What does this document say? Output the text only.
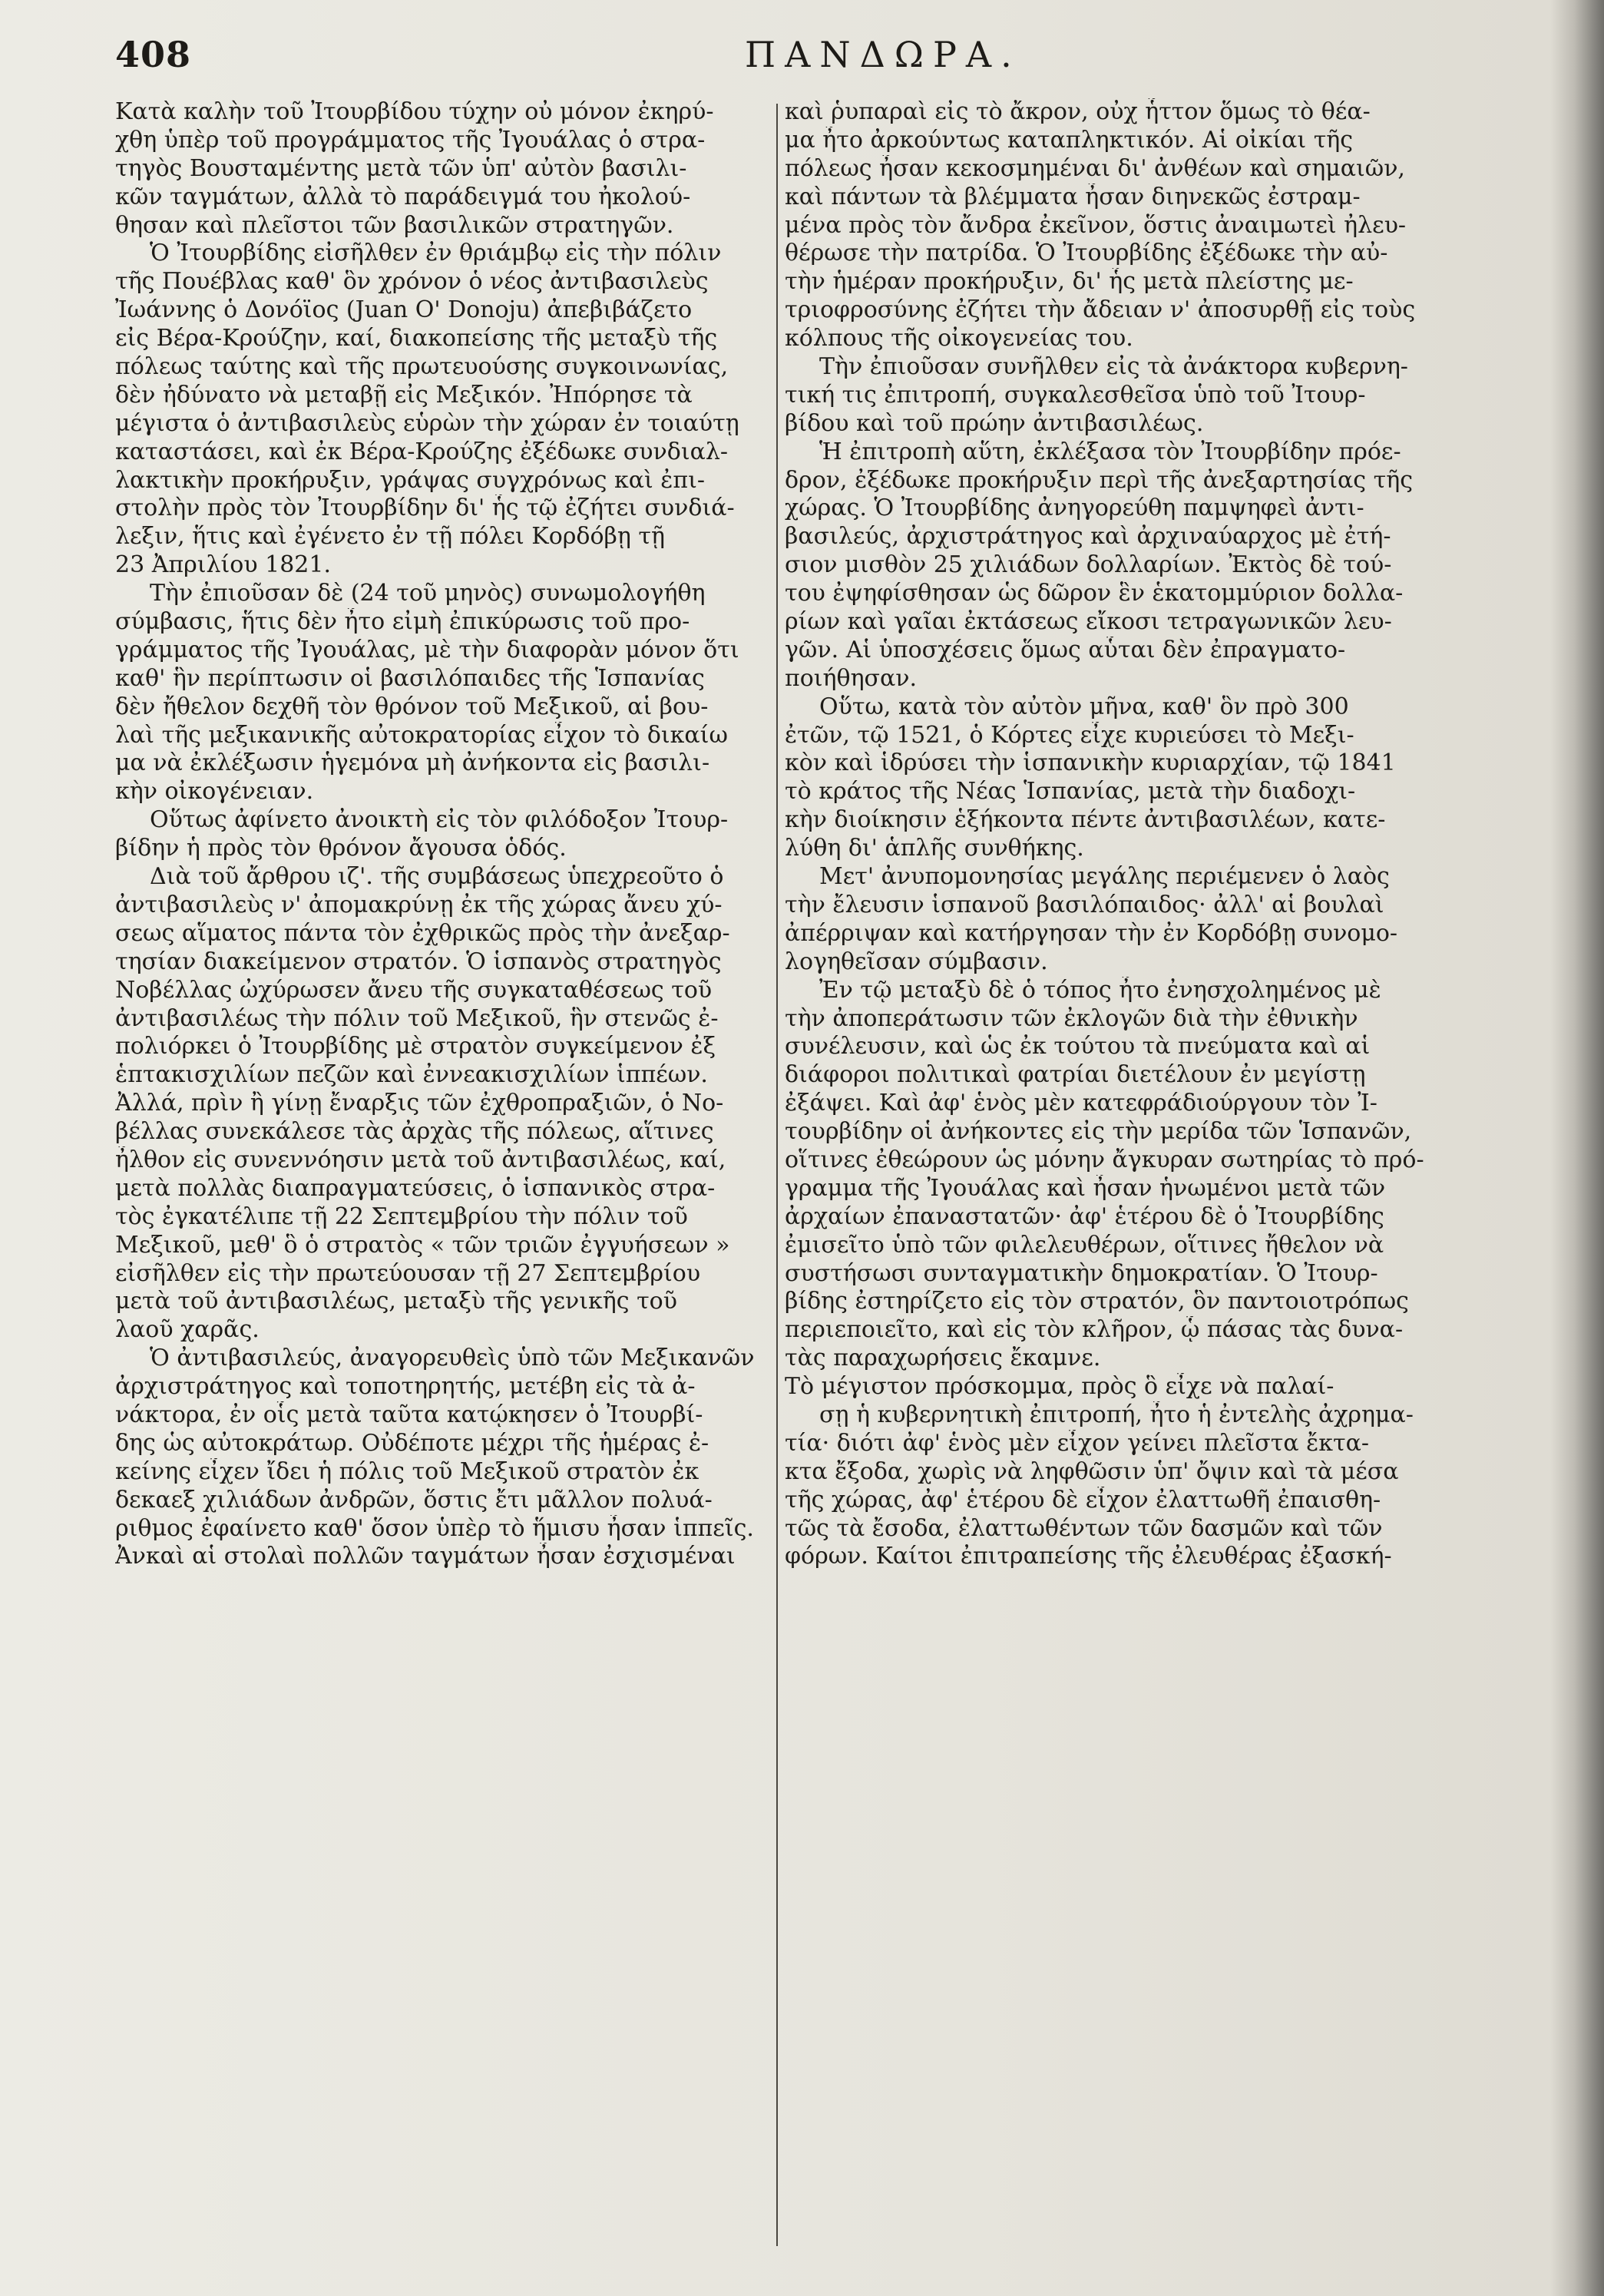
408	ΠΑΝΔΩΡΑ.
Κατὰ καλὴν τοῦ Ἰτουρβίδου τύχην οὐ μόνον ἐκηρύ-
χθη ὑπὲρ τοῦ προγράμματος τῆς Ἰγουάλας ὁ στρα-
τηγὸς Βουσταμέντης μετὰ τῶν ὑπ' αὐτὸν βασιλι-
κῶν ταγμάτων, ἀλλὰ τὸ παράδειγμά του ἠκολού-
θησαν καὶ πλεῖστοι τῶν βασιλικῶν στρατηγῶν.
Ὁ Ἰτουρβίδης εἰσῆλθεν ἐν θριάμβῳ εἰς τὴν πόλιν
τῆς Πουέβλας καθ' ὃν χρόνον ὁ νέος ἀντιβασιλεὺς
Ἰωάννης ὁ Δονόϊος (Juan O' Donoju) ἀπεβιβάζετο
εἰς Βέρα-Κρούζην, καί, διακοπείσης τῆς μεταξὺ τῆς
πόλεως ταύτης καὶ τῆς πρωτευούσης συγκοινωνίας,
δὲν ἠδύνατο νὰ μεταβῇ εἰς Μεξικόν. Ἠπόρησε τὰ
μέγιστα ὁ ἀντιβασιλεὺς εὑρὼν τὴν χώραν ἐν τοιαύτῃ
καταστάσει, καὶ ἐκ Βέρα-Κρούζης ἐξέδωκε συνδιαλ-
λακτικὴν προκήρυξιν, γράψας συγχρόνως καὶ ἐπι-
στολὴν πρὸς τὸν Ἰτουρβίδην δι' ἧς τῷ ἐζήτει συνδιά-
λεξιν, ἥτις καὶ ἐγένετο ἐν τῇ πόλει Κορδόβῃ τῇ
23 Ἀπριλίου 1821.
Τὴν ἐπιοῦσαν δὲ (24 τοῦ μηνὸς) συνωμολογήθη
σύμβασις, ἥτις δὲν ἦτο εἰμὴ ἐπικύρωσις τοῦ προ-
γράμματος τῆς Ἰγουάλας, μὲ τὴν διαφορὰν μόνον ὅτι
καθ' ἣν περίπτωσιν οἱ βασιλόπαιδες τῆς Ἱσπανίας
δὲν ἤθελον δεχθῆ τὸν θρόνον τοῦ Μεξικοῦ, αἱ βου-
λαὶ τῆς μεξικανικῆς αὐτοκρατορίας εἶχον τὸ δικαίω
μα νὰ ἐκλέξωσιν ἡγεμόνα μὴ ἀνήκοντα εἰς βασιλι-
κὴν οἰκογένειαν.
Οὕτως ἀφίνετο ἀνοικτὴ εἰς τὸν φιλόδοξον Ἰτουρ-
βίδην ἡ πρὸς τὸν θρόνον ἄγουσα ὁδός.
Διὰ τοῦ ἄρθρου ιζ'. τῆς συμβάσεως ὑπεχρεοῦτο ὁ
ἀντιβασιλεὺς ν' ἀπομακρύνῃ ἐκ τῆς χώρας ἄνευ χύ-
σεως αἵματος πάντα τὸν ἐχθρικῶς πρὸς τὴν ἀνεξαρ-
τησίαν διακείμενον στρατόν. Ὁ ἱσπανὸς στρατηγὸς
Νοβέλλας ὠχύρωσεν ἄνευ τῆς συγκαταθέσεως τοῦ
ἀντιβασιλέως τὴν πόλιν τοῦ Μεξικοῦ, ἣν στενῶς ἐ-
πολιόρκει ὁ Ἰτουρβίδης μὲ στρατὸν συγκείμενον ἐξ
ἑπτακισχιλίων πεζῶν καὶ ἐννεακισχιλίων ἱππέων.
Ἀλλά, πρὶν ἢ γίνῃ ἔναρξις τῶν ἐχθροπραξιῶν, ὁ Νο-
βέλλας συνεκάλεσε τὰς ἀρχὰς τῆς πόλεως, αἵτινες
ἦλθον εἰς συνεννόησιν μετὰ τοῦ ἀντιβασιλέως, καί,
μετὰ πολλὰς διαπραγματεύσεις, ὁ ἱσπανικὸς στρα-
τὸς ἐγκατέλιπε τῇ 22 Σεπτεμβρίου τὴν πόλιν τοῦ
Μεξικοῦ, μεθ' ὃ ὁ στρατὸς « τῶν τριῶν ἐγγυήσεων »
εἰσῆλθεν εἰς τὴν πρωτεύουσαν τῇ 27 Σεπτεμβρίου
μετὰ τοῦ ἀντιβασιλέως, μεταξὺ τῆς γενικῆς τοῦ
λαοῦ χαρᾶς.
Ὁ ἀντιβασιλεύς, ἀναγορευθεὶς ὑπὸ τῶν Μεξικανῶν
ἀρχιστράτηγος καὶ τοποτηρητής, μετέβη εἰς τὰ ἀ-
νάκτορα, ἐν οἷς μετὰ ταῦτα κατῴκησεν ὁ Ἰτουρβί-
δης ὡς αὐτοκράτωρ. Οὐδέποτε μέχρι τῆς ἡμέρας ἐ-
κείνης εἶχεν ἴδει ἡ πόλις τοῦ Μεξικοῦ στρατὸν ἐκ
δεκαεξ χιλιάδων ἀνδρῶν, ὅστις ἔτι μᾶλλον πολυά-
ριθμος ἐφαίνετο καθ' ὅσον ὑπὲρ τὸ ἥμισυ ἦσαν ἱππεῖς.
Ἀνκαὶ αἱ στολαὶ πολλῶν ταγμάτων ἦσαν ἐσχισμέναι
καὶ ῥυπαραὶ εἰς τὸ ἄκρον, οὐχ ἧττον ὅμως τὸ θέα-
μα ἦτο ἀρκούντως καταπληκτικόν. Αἱ οἰκίαι τῆς
πόλεως ἦσαν κεκοσμημέναι δι' ἀνθέων καὶ σημαιῶν,
καὶ πάντων τὰ βλέμματα ἦσαν διηνεκῶς ἐστραμ-
μένα πρὸς τὸν ἄνδρα ἐκεῖνον, ὅστις ἀναιμωτεὶ ἠλευ-
θέρωσε τὴν πατρίδα. Ὁ Ἰτουρβίδης ἐξέδωκε τὴν αὐ-
τὴν ἡμέραν προκήρυξιν, δι' ἧς μετὰ πλείστης με-
τριοφροσύνης ἐζήτει τὴν ἄδειαν ν' ἀποσυρθῇ εἰς τοὺς
κόλπους τῆς οἰκογενείας του.
Τὴν ἐπιοῦσαν συνῆλθεν εἰς τὰ ἀνάκτορα κυβερνη-
τική τις ἐπιτροπή, συγκαλεσθεῖσα ὑπὸ τοῦ Ἰτουρ-
βίδου καὶ τοῦ πρώην ἀντιβασιλέως.
Ἡ ἐπιτροπὴ αὕτη, ἐκλέξασα τὸν Ἰτουρβίδην πρόε-
δρον, ἐξέδωκε προκήρυξιν περὶ τῆς ἀνεξαρτησίας τῆς
χώρας. Ὁ Ἰτουρβίδης ἀνηγορεύθη παμψηφεὶ ἀντι-
βασιλεύς, ἀρχιστράτηγος καὶ ἀρχιναύαρχος μὲ ἐτή-
σιον μισθὸν 25 χιλιάδων δολλαρίων. Ἐκτὸς δὲ τού-
του ἐψηφίσθησαν ὡς δῶρον ἓν ἑκατομμύριον δολλα-
ρίων καὶ γαῖαι ἐκτάσεως εἴκοσι τετραγωνικῶν λευ-
γῶν. Αἱ ὑποσχέσεις ὅμως αὗται δὲν ἐπραγματο-
ποιήθησαν.
Οὕτω, κατὰ τὸν αὐτὸν μῆνα, καθ' ὃν πρὸ 300
ἐτῶν, τῷ 1521, ὁ Κόρτες εἶχε κυριεύσει τὸ Μεξι-
κὸν καὶ ἱδρύσει τὴν ἱσπανικὴν κυριαρχίαν, τῷ 1841
τὸ κράτος τῆς Νέας Ἱσπανίας, μετὰ τὴν διαδοχι-
κὴν διοίκησιν ἑξήκοντα πέντε ἀντιβασιλέων, κατε-
λύθη δι' ἁπλῆς συνθήκης.
Μετ' ἀνυπομονησίας μεγάλης περιέμενεν ὁ λαὸς
τὴν ἔλευσιν ἱσπανοῦ βασιλόπαιδος· ἀλλ' αἱ βουλαὶ
ἀπέρριψαν καὶ κατήργησαν τὴν ἐν Κορδόβῃ συνομο-
λογηθεῖσαν σύμβασιν.
Ἐν τῷ μεταξὺ δὲ ὁ τόπος ἦτο ἐνησχολημένος μὲ
τὴν ἀποπεράτωσιν τῶν ἐκλογῶν διὰ τὴν ἐθνικὴν
συνέλευσιν, καὶ ὡς ἐκ τούτου τὰ πνεύματα καὶ αἱ
διάφοροι πολιτικαὶ φατρίαι διετέλουν ἐν μεγίστῃ
ἐξάψει. Καὶ ἀφ' ἑνὸς μὲν κατεφράδιούργουν τὸν Ἰ-
τουρβίδην οἱ ἀνήκοντες εἰς τὴν μερίδα τῶν Ἱσπανῶν,
οἵτινες ἐθεώρουν ὡς μόνην ἄγκυραν σωτηρίας τὸ πρό-
γραμμα τῆς Ἰγουάλας καὶ ἦσαν ἡνωμένοι μετὰ τῶν
ἀρχαίων ἐπαναστατῶν· ἀφ' ἑτέρου δὲ ὁ Ἰτουρβίδης
ἐμισεῖτο ὑπὸ τῶν φιλελευθέρων, οἵτινες ἤθελον νὰ
συστήσωσι συνταγματικὴν δημοκρατίαν. Ὁ Ἰτουρ-
βίδης ἐστηρίζετο εἰς τὸν στρατόν, ὃν παντοιοτρόπως
περιεποιεῖτο, καὶ εἰς τὸν κλῆρον, ᾧ πάσας τὰς δυνα-
τὰς παραχωρήσεις ἔκαμνε.
Τὸ μέγιστον πρόσκομμα, πρὸς ὃ εἶχε νὰ παλαί-
σῃ ἡ κυβερνητικὴ ἐπιτροπή, ἦτο ἡ ἐντελὴς ἀχρημα-
τία· διότι ἀφ' ἑνὸς μὲν εἶχον γείνει πλεῖστα ἔκτα-
κτα ἔξοδα, χωρὶς νὰ ληφθῶσιν ὑπ' ὄψιν καὶ τὰ μέσα
τῆς χώρας, ἀφ' ἑτέρου δὲ εἶχον ἐλαττωθῆ ἐπαισθη-
τῶς τὰ ἔσοδα, ἐλαττωθέντων τῶν δασμῶν καὶ τῶν
φόρων. Καίτοι ἐπιτραπείσης τῆς ἐλευθέρας ἐξασκή-
